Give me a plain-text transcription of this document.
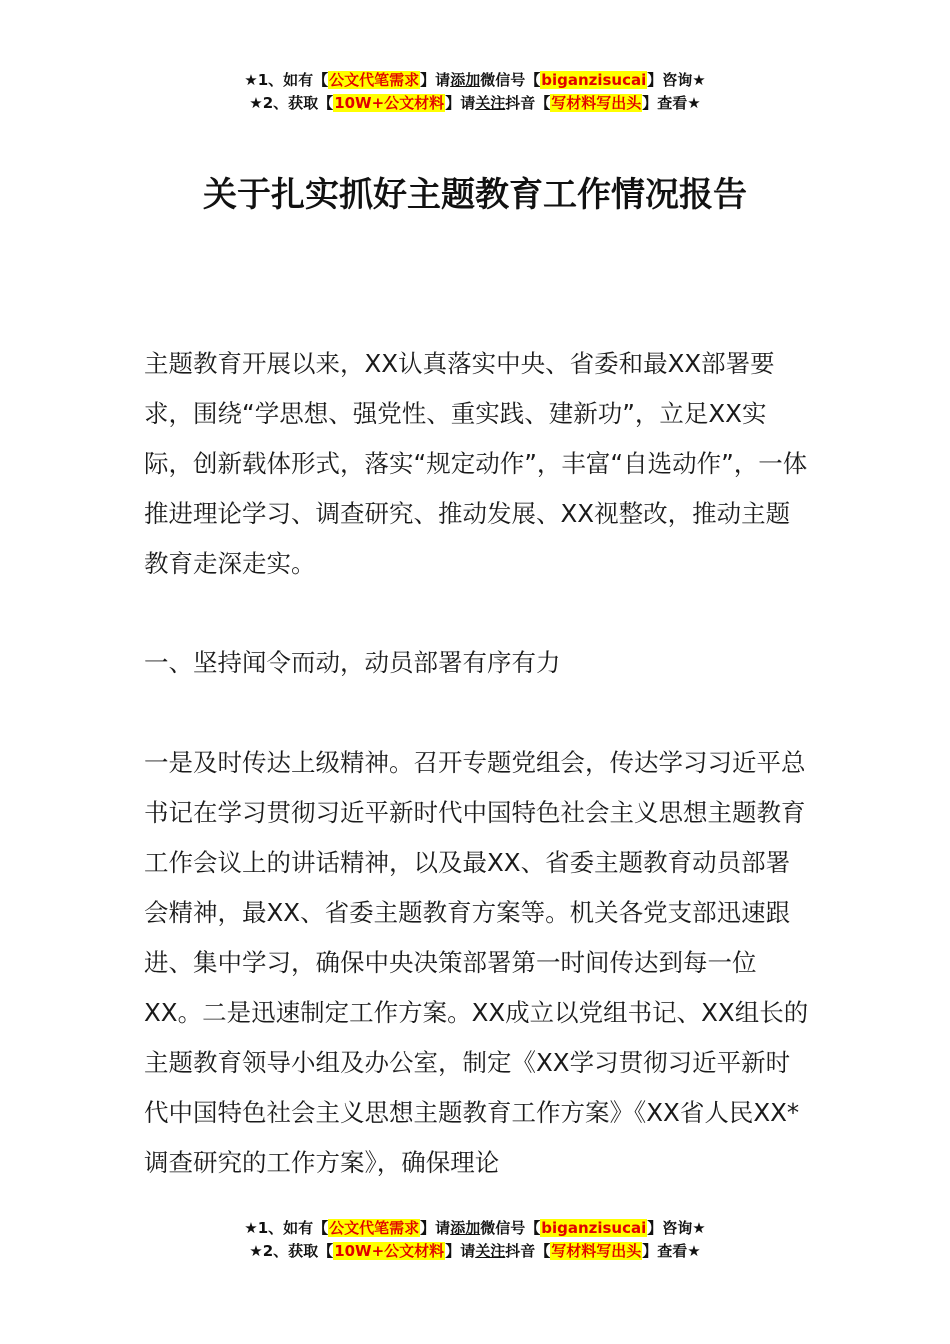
★1、如有【公文代笔需求】请添加微信号【biganzisucai】咨询★
★2、获取【10W+公文材料】请关注抖音【写材料写出头】查看★
关于扎实抓好主题教育工作情况报告

主题教育开展以来，XX认真落实中央、省委和最XX部署要求，围绕“学思想、强党性、重实践、建新功”，立足XX实际，创新载体形式，落实“规定动作”，丰富“自选动作”，一体推进理论学习、调查研究、推动发展、XX视整改，推动主题教育走深走实。

一、坚持闻令而动，动员部署有序有力

一是及时传达上级精神。召开专题党组会，传达学习习近平总书记在学习贯彻习近平新时代中国特色社会主义思想主题教育工作会议上的讲话精神，以及最XX、省委主题教育动员部署会精神，最XX、省委主题教育方案等。机关各党支部迅速跟进、集中学习，确保中央决策部署第一时间传达到每一位XX。二是迅速制定工作方案。XX成立以党组书记、XX组长的主题教育领导小组及办公室，制定《XX学习贯彻习近平新时代中国特色社会主义思想主题教育工作方案》《XX省人民XX*调查研究的工作方案》，确保理论

★1、如有【公文代笔需求】请添加微信号【biganzisucai】咨询★
★2、获取【10W+公文材料】请关注抖音【写材料写出头】查看★
